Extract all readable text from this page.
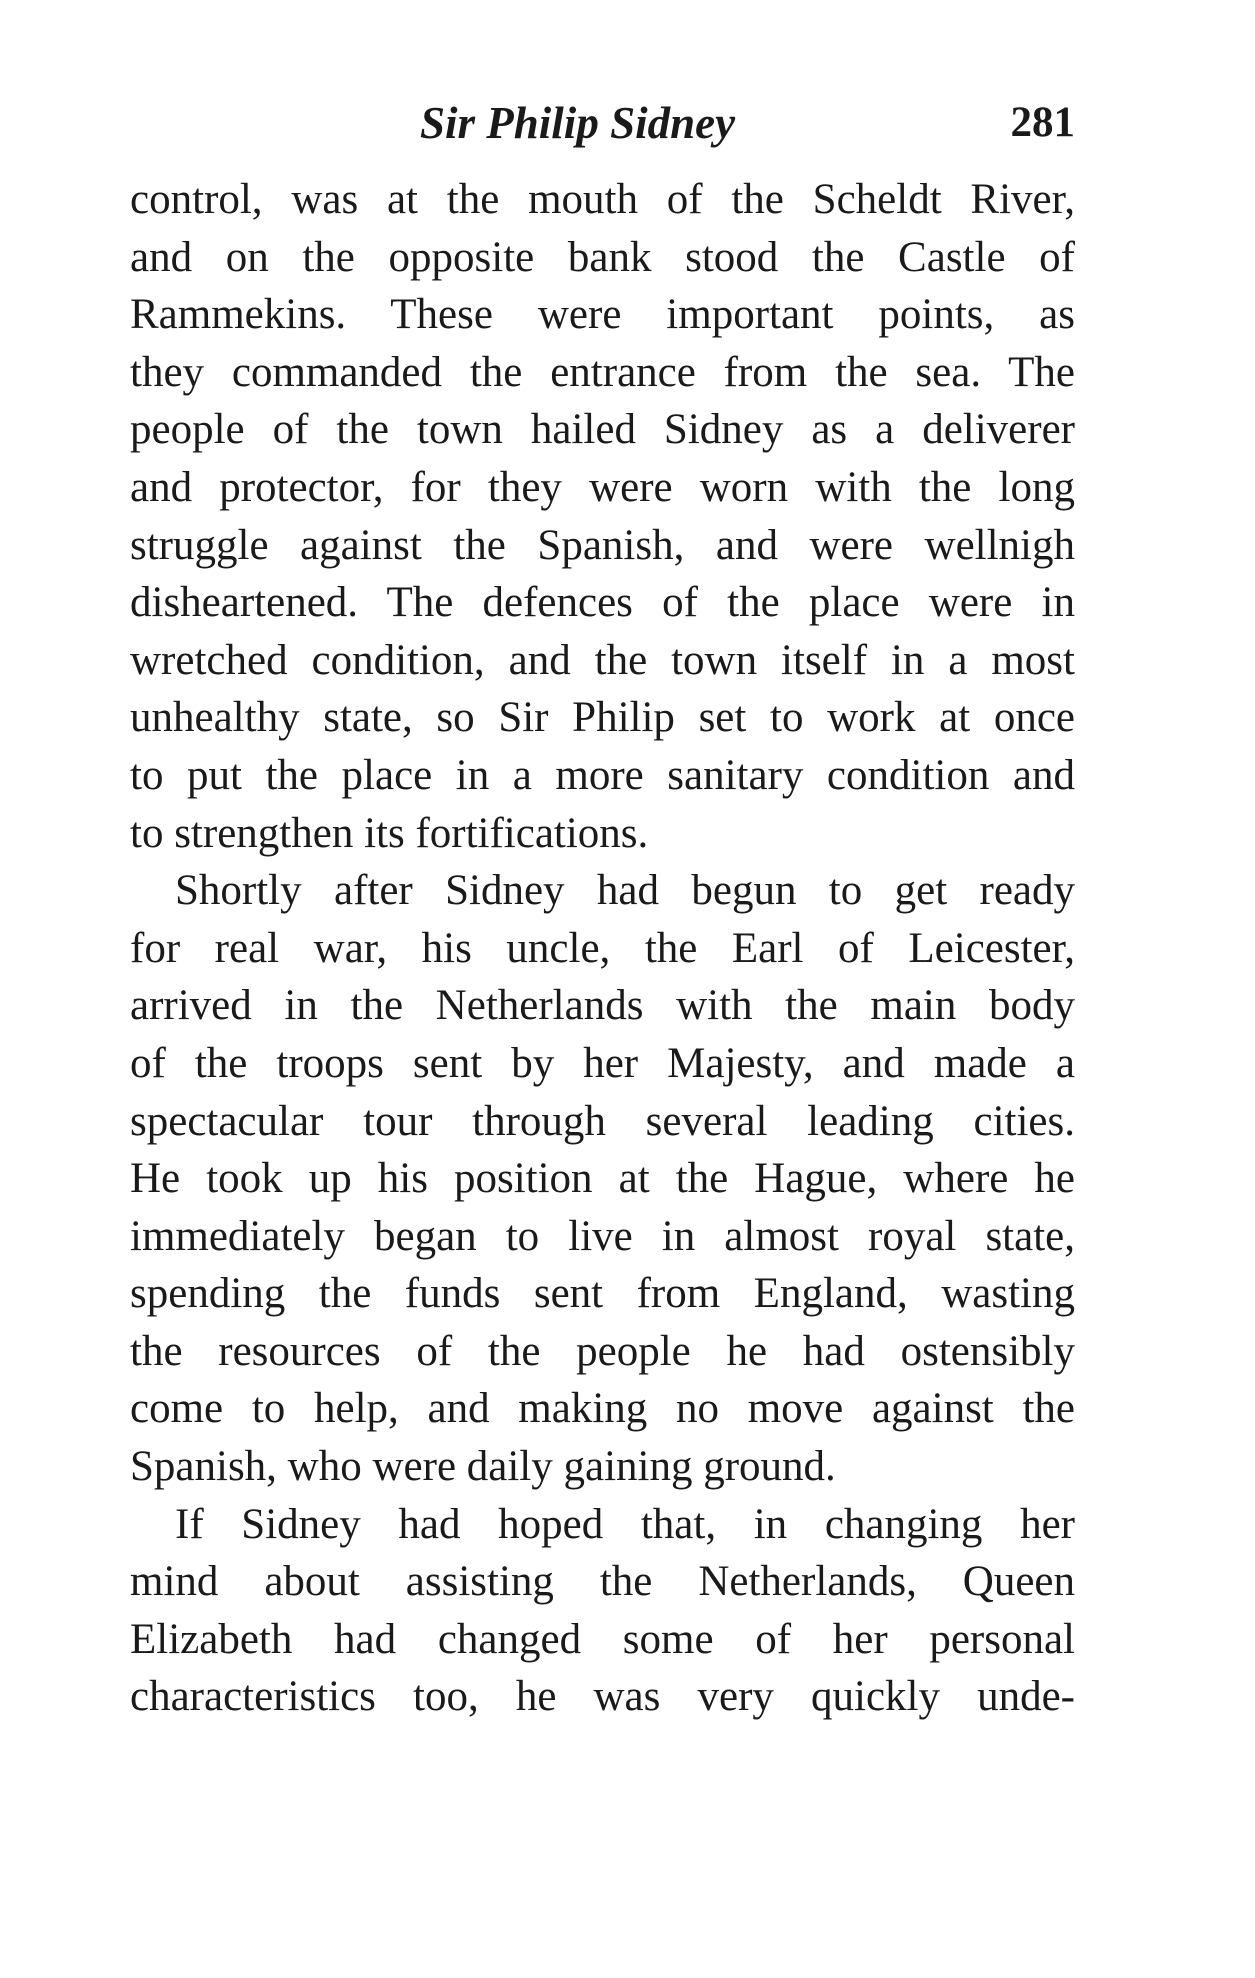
Sir Philip Sidney	281
control, was at the mouth of the Scheldt River,
and on the opposite bank stood the Castle of
Rammekins. These were important points, as
they commanded the entrance from the sea. The
people of the town hailed Sidney as a deliverer
and protector, for they were worn with the long
struggle against the Spanish, and were wellnigh
disheartened. The defences of the place were in
wretched condition, and the town itself in a most
unhealthy state, so Sir Philip set to work at once
to put the place in a more sanitary condition and
to strengthen its fortifications.
Shortly after Sidney had begun to get ready
for real war, his uncle, the Earl of Leicester,
arrived in the Netherlands with the main body
of the troops sent by her Majesty, and made a
spectacular tour through several leading cities.
He took up his position at the Hague, where he
immediately began to live in almost royal state,
spending the funds sent from England, wasting
the resources of the people he had ostensibly
come to help, and making no move against the
Spanish, who were daily gaining ground.
If Sidney had hoped that, in changing her
mind about assisting the Netherlands, Queen
Elizabeth had changed some of her personal
characteristics too, he was very quickly unde-
